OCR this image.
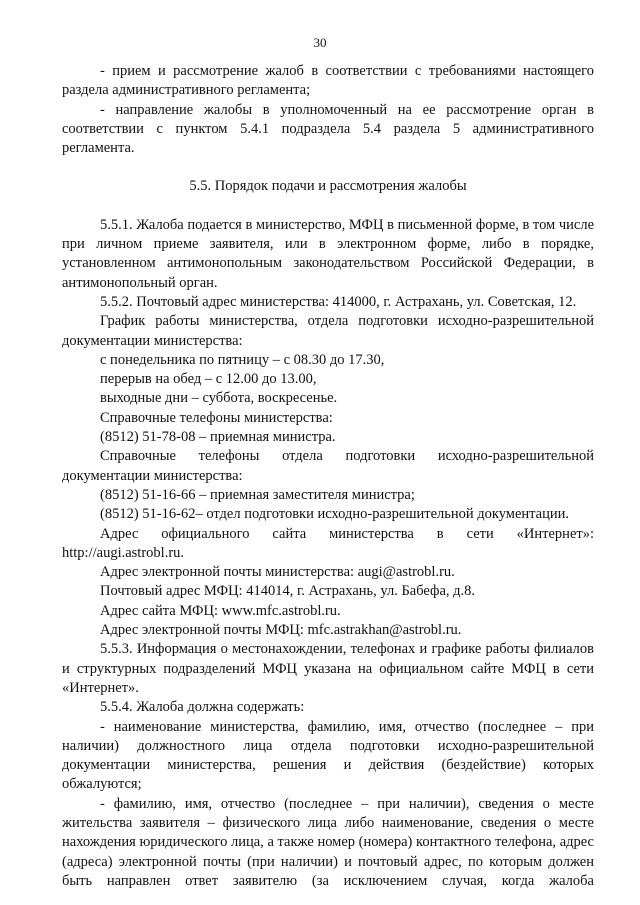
30

- прием и рассмотрение жалоб в соответствии с требованиями настоящего раздела административного регламента;

- направление жалобы в уполномоченный на ее рассмотрение орган в соответствии с пунктом 5.4.1 подраздела 5.4 раздела 5 административного регламента.

5.5. Порядок подачи и рассмотрения жалобы

5.5.1. Жалоба подается в министерство, МФЦ в письменной форме, в том числе при личном приеме заявителя, или в электронном форме, либо в порядке, установленном антимонопольным законодательством Российской Федерации, в антимонопольный орган.

5.5.2. Почтовый адрес министерства: 414000, г. Астрахань, ул. Советская, 12.

График работы министерства, отдела подготовки исходно-разрешительной документации министерства:

с понедельника по пятницу – с 08.30 до 17.30,

перерыв на обед – с 12.00 до 13.00,

выходные дни – суббота, воскресенье.

Справочные телефоны министерства:

(8512) 51-78-08 – приемная министра.

Справочные телефоны отдела подготовки исходно-разрешительной документации министерства:

(8512) 51-16-66 – приемная заместителя министра;

(8512) 51-16-62– отдел подготовки исходно-разрешительной документации.

Адрес официального сайта министерства в сети «Интернет»: http://augi.astrobl.ru.

Адрес электронной почты министерства: augi@astrobl.ru.

Почтовый адрес МФЦ: 414014, г. Астрахань, ул. Бабефа, д.8.

Адрес сайта МФЦ: www.mfc.astrobl.ru.

Адрес электронной почты МФЦ: mfc.astrakhan@astrobl.ru.

5.5.3. Информация о местонахождении, телефонах и графике работы филиалов и структурных подразделений МФЦ указана на официальном сайте МФЦ в сети «Интернет».

5.5.4. Жалоба должна содержать:

- наименование министерства, фамилию, имя, отчество (последнее – при наличии) должностного лица отдела подготовки исходно-разрешительной документации министерства, решения и действия (бездействие) которых обжалуются;

- фамилию, имя, отчество (последнее – при наличии), сведения о месте жительства заявителя – физического лица либо наименование, сведения о месте нахождения юридического лица, а также номер (номера) контактного телефона, адрес (адреса) электронной почты (при наличии) и почтовый адрес, по которым должен быть направлен ответ заявителю (за исключением случая, когда жалоба
